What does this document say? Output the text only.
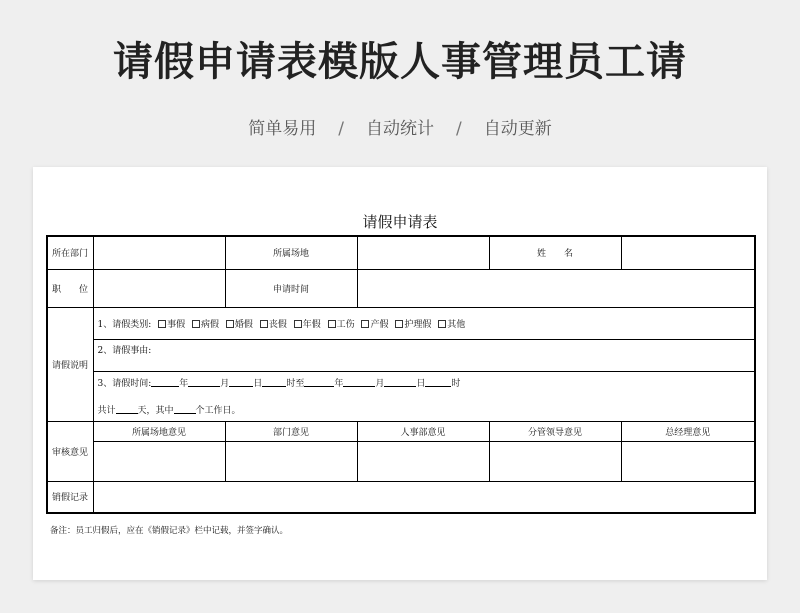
请假申请表模版人事管理员工请
简单易用 / 自动统计 / 自动更新
请假申请表
所在部门		所属场地		姓　　名	
职　　位		申请时间			
请假说明	1、请假类别: 事假 病假 婚假 丧假 年假 工伤 产假 护理假 其他				
	2、请假事由:				

	3、请假时间: 年 月 日 时至 年 月 日 时
共计 天，其中 个工作日。				

审核意见	所属场地意见	部门意见	人事部意见	分管领导意见	总经理意见

销假记录					
备注：员工归假后，应在《销假记录》栏中记载，并签字确认。
